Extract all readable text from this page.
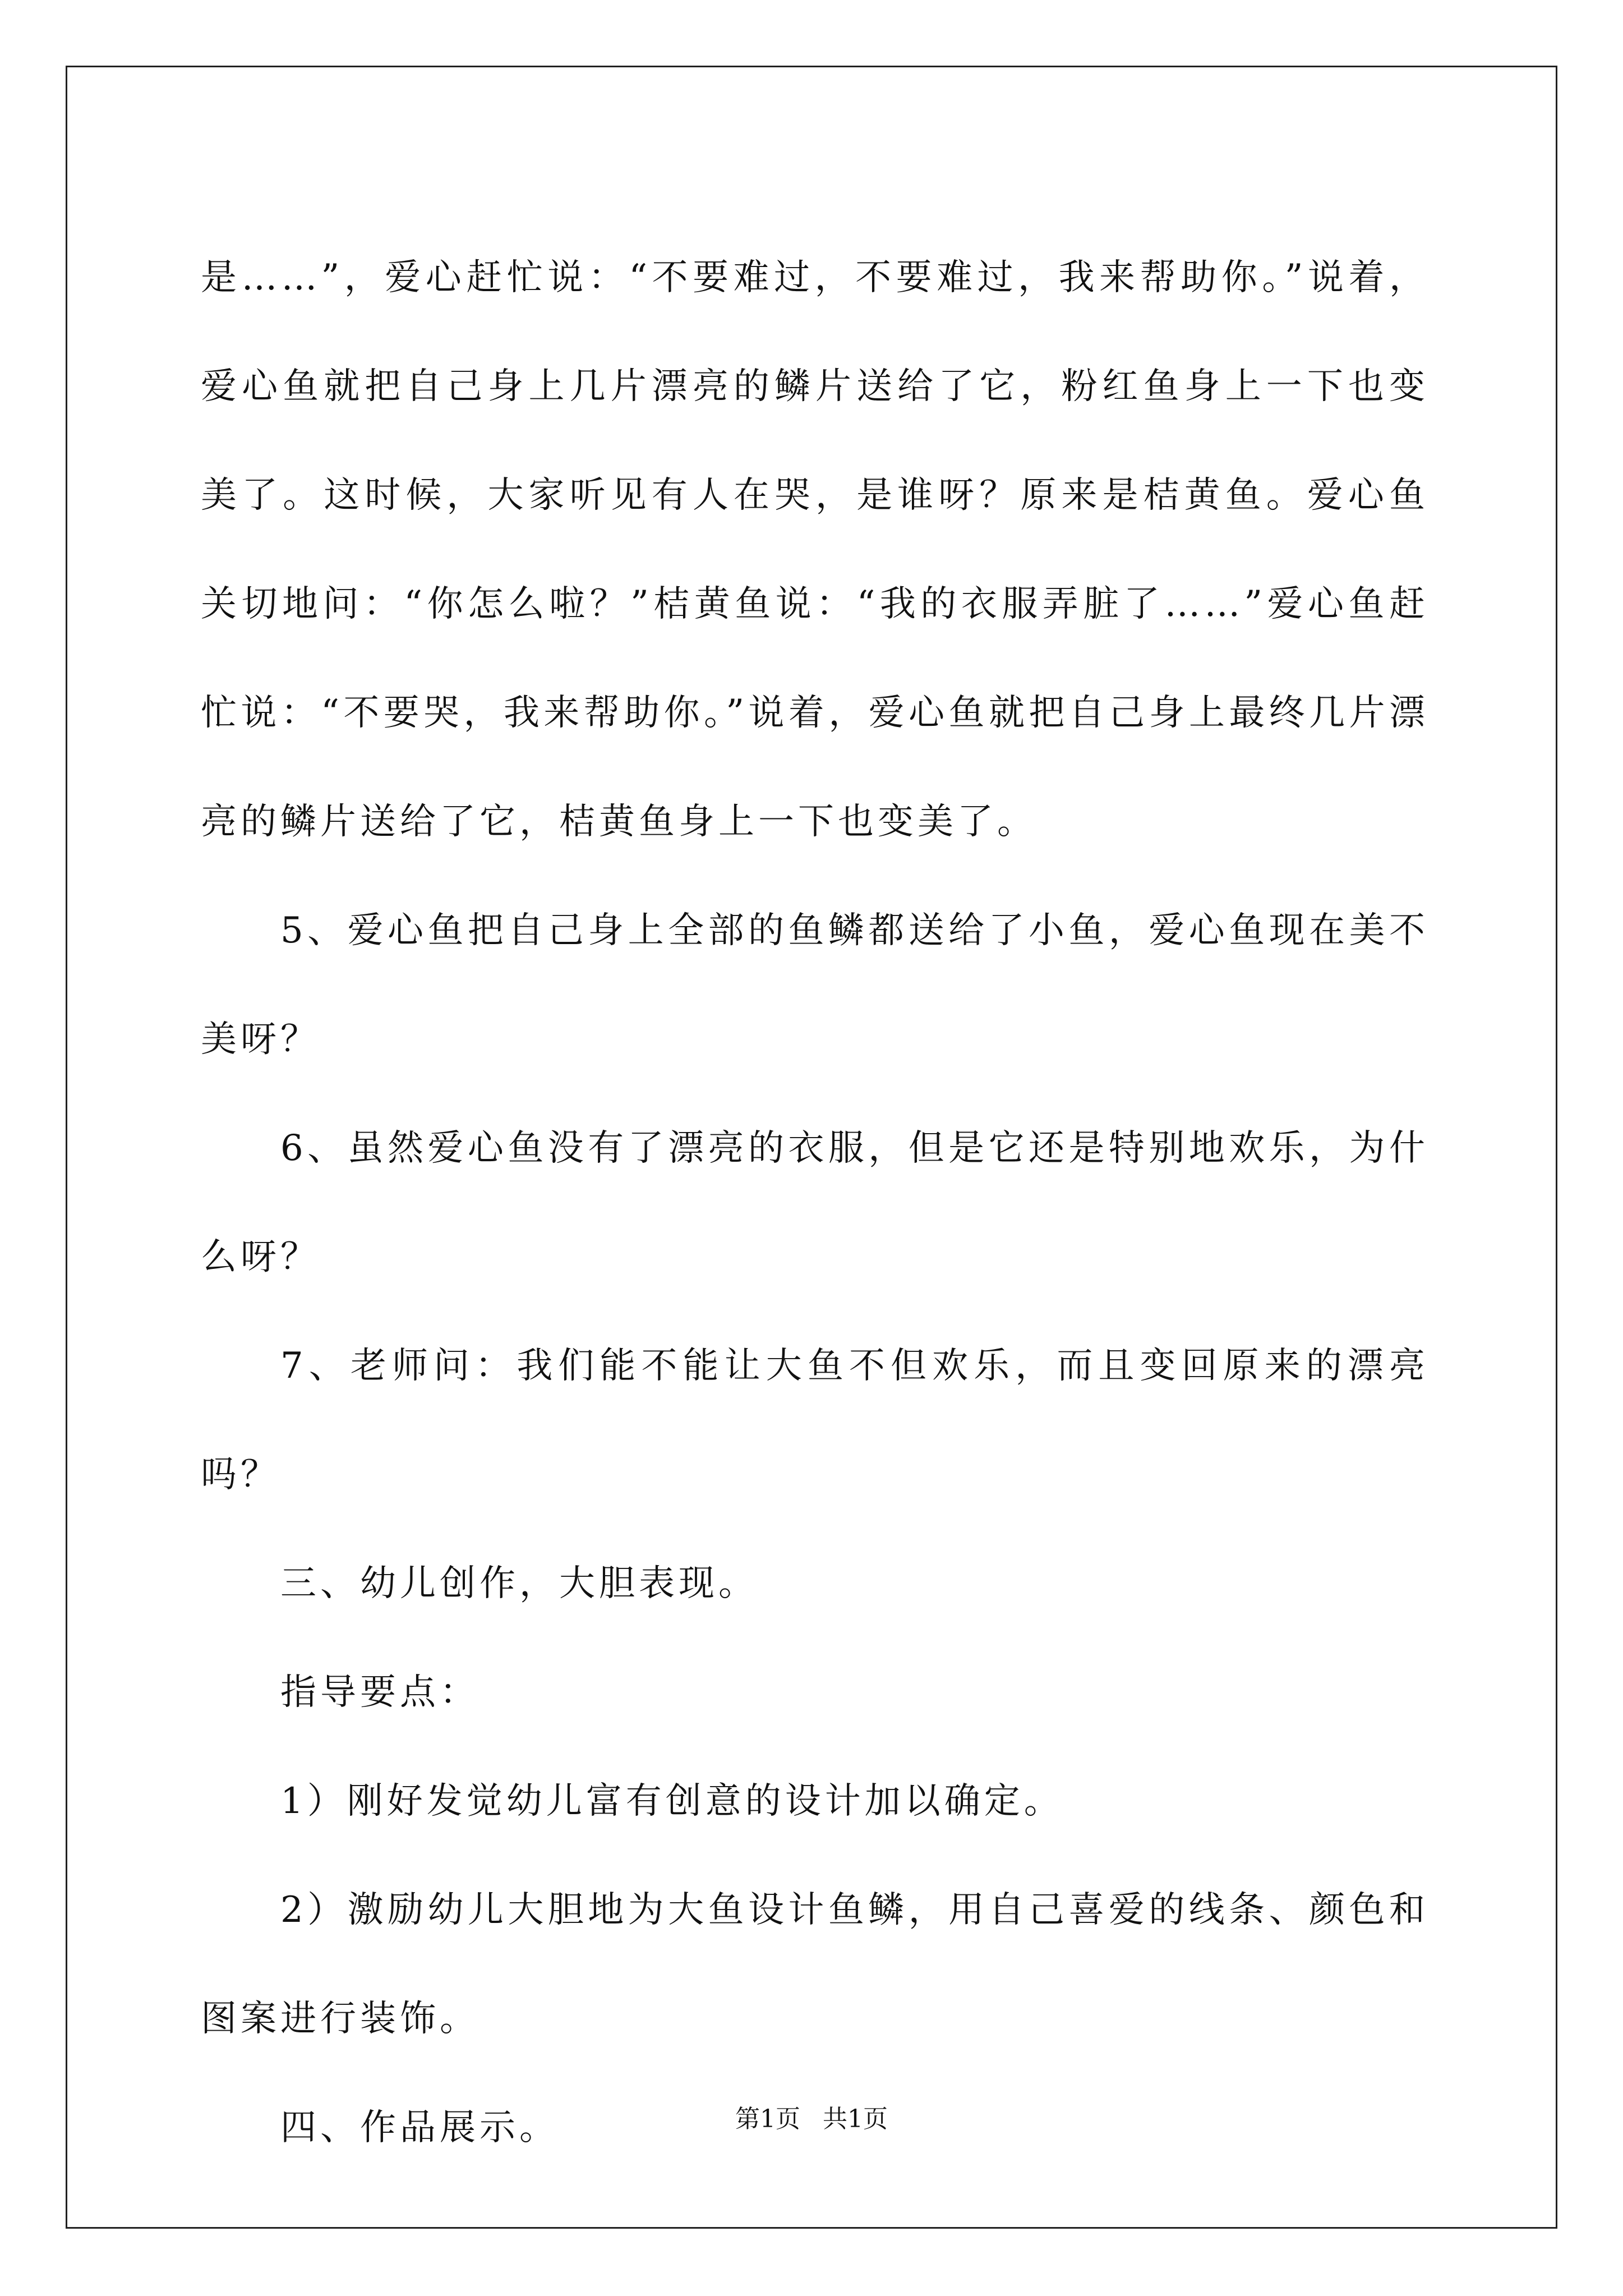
是……”，爱心赶忙说：“不要难过，不要难过，我来帮助你。”说着，爱心鱼就把自己身上几片漂亮的鳞片送给了它，粉红鱼身上一下也变美了。这时候，大家听见有人在哭，是谁呀？原来是桔黄鱼。爱心鱼关切地问：“你怎么啦？”桔黄鱼说：“我的衣服弄脏了……”爱心鱼赶忙说：“不要哭，我来帮助你。”说着，爱心鱼就把自己身上最终几片漂亮的鳞片送给了它，桔黄鱼身上一下也变美了。

5、爱心鱼把自己身上全部的鱼鳞都送给了小鱼，爱心鱼现在美不美呀？

6、虽然爱心鱼没有了漂亮的衣服，但是它还是特别地欢乐，为什么呀？

7、老师问：我们能不能让大鱼不但欢乐，而且变回原来的漂亮吗？

三、幼儿创作，大胆表现。

指导要点：

1）刚好发觉幼儿富有创意的设计加以确定。

2）激励幼儿大胆地为大鱼设计鱼鳞，用自己喜爱的线条、颜色和图案进行装饰。

四、作品展示。	第1页 共1页
